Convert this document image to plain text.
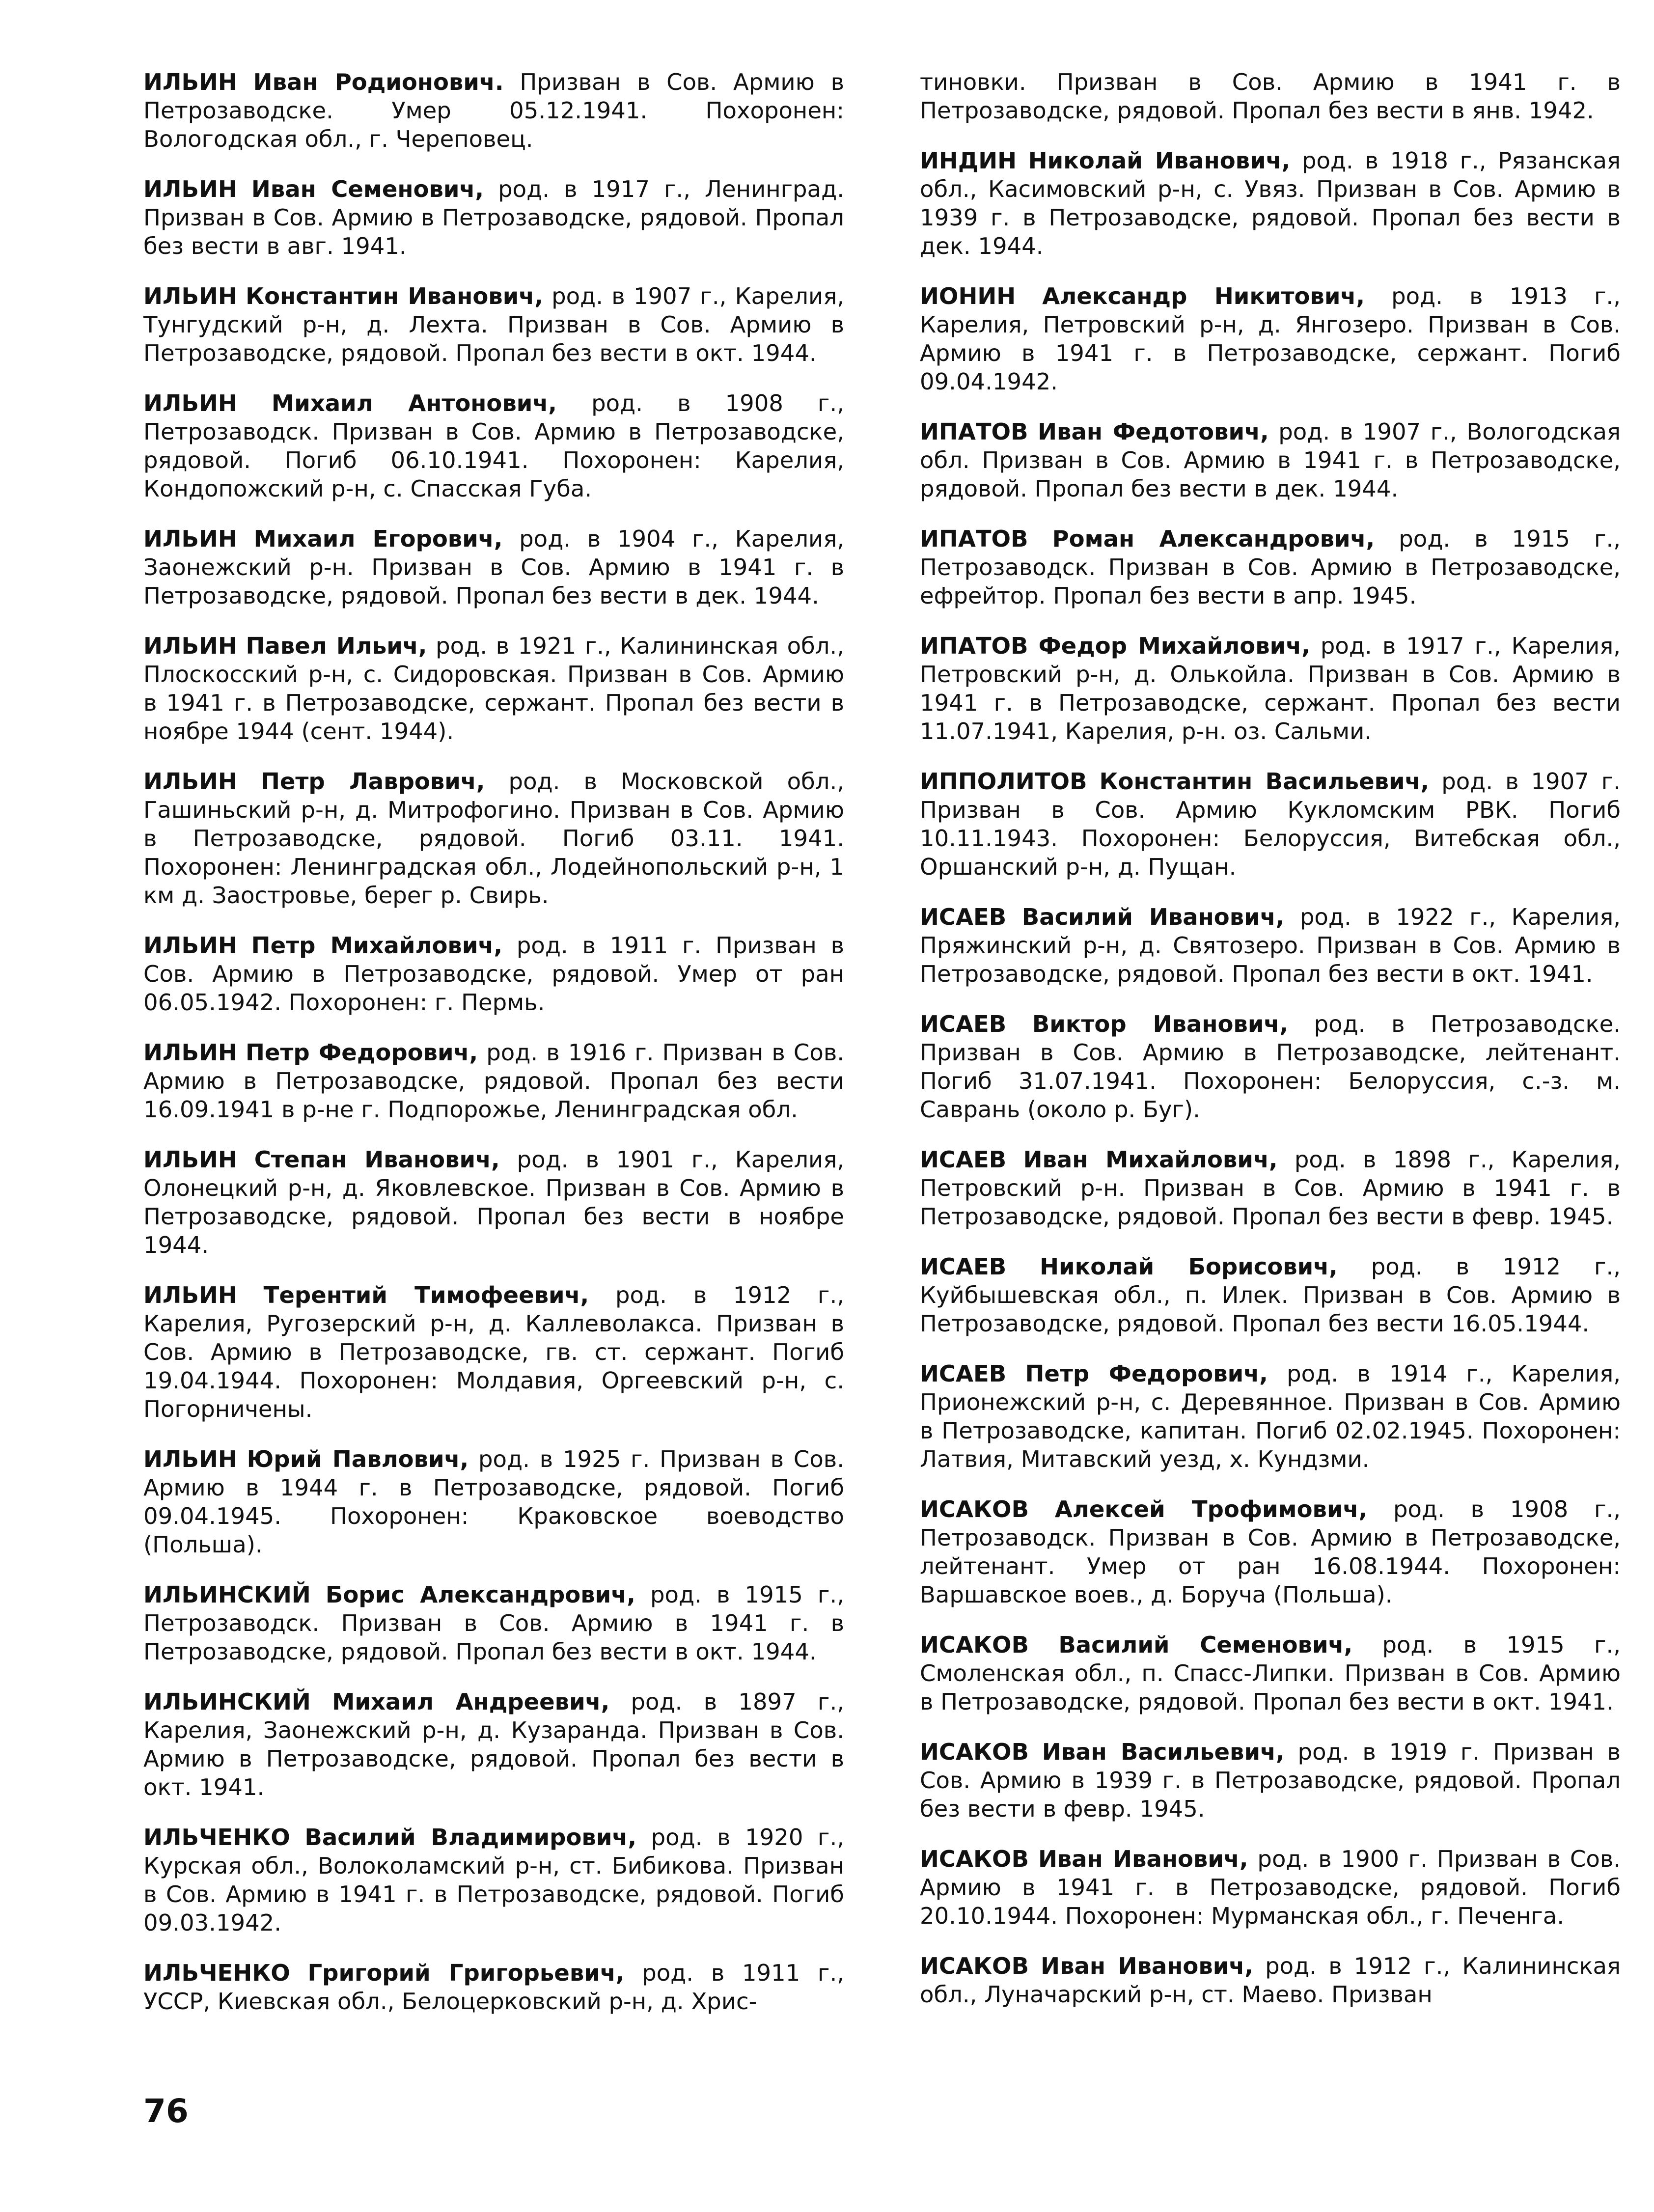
ИЛЬИН Иван Родионович. Призван в Сов. Армию в Петрозаводске. Умер 05.12.1941. Похоронен: Вологодская обл., г. Череповец.

ИЛЬИН Иван Семенович, род. в 1917 г., Ленинград. Призван в Сов. Армию в Петрозаводске, рядовой. Пропал без вести в авг. 1941.

ИЛЬИН Константин Иванович, род. в 1907 г., Карелия, Тунгудский р-н, д. Лехта. Призван в Сов. Армию в Петрозаводске, рядовой. Пропал без вести в окт. 1944.

ИЛЬИН Михаил Антонович, род. в 1908 г., Петрозаводск. Призван в Сов. Армию в Петрозаводске, рядовой. Погиб 06.10.1941. Похоронен: Карелия, Кондопожский р-н, с. Спасская Губа.

ИЛЬИН Михаил Егорович, род. в 1904 г., Карелия, Заонежский р-н. Призван в Сов. Армию в 1941 г. в Петрозаводске, рядовой. Пропал без вести в дек. 1944.

ИЛЬИН Павел Ильич, род. в 1921 г., Калининская обл., Плоскосский р-н, с. Сидоровская. Призван в Сов. Армию в 1941 г. в Петрозаводске, сержант. Пропал без вести в ноябре 1944 (сент. 1944).

ИЛЬИН Петр Лаврович, род. в Московской обл., Гашиньский р-н, д. Митрофогино. Призван в Сов. Армию в Петрозаводске, рядовой. Погиб 03.11. 1941. Похоронен: Ленинградская обл., Лодейнопольский р-н, 1 км д. Заостровье, берег р. Свирь.

ИЛЬИН Петр Михайлович, род. в 1911 г. Призван в Сов. Армию в Петрозаводске, рядовой. Умер от ран 06.05.1942. Похоронен: г. Пермь.

ИЛЬИН Петр Федорович, род. в 1916 г. Призван в Сов. Армию в Петрозаводске, рядовой. Пропал без вести 16.09.1941 в р-не г. Подпорожье, Ленинградская обл.

ИЛЬИН Степан Иванович, род. в 1901 г., Карелия, Олонецкий р-н, д. Яковлевское. Призван в Сов. Армию в Петрозаводске, рядовой. Пропал без вести в ноябре 1944.

ИЛЬИН Терентий Тимофеевич, род. в 1912 г., Карелия, Ругозерский р-н, д. Каллеволакса. Призван в Сов. Армию в Петрозаводске, гв. ст. сержант. Погиб 19.04.1944. Похоронен: Молдавия, Оргеевский р-н, с. Погорничены.

ИЛЬИН Юрий Павлович, род. в 1925 г. Призван в Сов. Армию в 1944 г. в Петрозаводске, рядовой. Погиб 09.04.1945. Похоронен: Краковское воеводство (Польша).

ИЛЬИНСКИЙ Борис Александрович, род. в 1915 г., Петрозаводск. Призван в Сов. Армию в 1941 г. в Петрозаводске, рядовой. Пропал без вести в окт. 1944.

ИЛЬИНСКИЙ Михаил Андреевич, род. в 1897 г., Карелия, Заонежский р-н, д. Кузаранда. Призван в Сов. Армию в Петрозаводске, рядовой. Пропал без вести в окт. 1941.

ИЛЬЧЕНКО Василий Владимирович, род. в 1920 г., Курская обл., Волоколамский р-н, ст. Бибикова. Призван в Сов. Армию в 1941 г. в Петрозаводске, рядовой. Погиб 09.03.1942.

ИЛЬЧЕНКО Григорий Григорьевич, род. в 1911 г., УССР, Киевская обл., Белоцерковский р-н, д. Хрис-

тиновки. Призван в Сов. Армию в 1941 г. в Петрозаводске, рядовой. Пропал без вести в янв. 1942.

ИНДИН Николай Иванович, род. в 1918 г., Рязанская обл., Касимовский р-н, с. Увяз. Призван в Сов. Армию в 1939 г. в Петрозаводске, рядовой. Пропал без вести в дек. 1944.

ИОНИН Александр Никитович, род. в 1913 г., Карелия, Петровский р-н, д. Янгозеро. Призван в Сов. Армию в 1941 г. в Петрозаводске, сержант. Погиб 09.04.1942.

ИПАТОВ Иван Федотович, род. в 1907 г., Вологодская обл. Призван в Сов. Армию в 1941 г. в Петрозаводске, рядовой. Пропал без вести в дек. 1944.

ИПАТОВ Роман Александрович, род. в 1915 г., Петрозаводск. Призван в Сов. Армию в Петрозаводске, ефрейтор. Пропал без вести в апр. 1945.

ИПАТОВ Федор Михайлович, род. в 1917 г., Карелия, Петровский р-н, д. Олькойла. Призван в Сов. Армию в 1941 г. в Петрозаводске, сержант. Пропал без вести 11.07.1941, Карелия, р-н. оз. Сальми.

ИППОЛИТОВ Константин Васильевич, род. в 1907 г. Призван в Сов. Армию Кукломским РВК. Погиб 10.11.1943. Похоронен: Белоруссия, Витебская обл., Оршанский р-н, д. Пущан.

ИСАЕВ Василий Иванович, род. в 1922 г., Карелия, Пряжинский р-н, д. Святозеро. Призван в Сов. Армию в Петрозаводске, рядовой. Пропал без вести в окт. 1941.

ИСАЕВ Виктор Иванович, род. в Петрозаводске. Призван в Сов. Армию в Петрозаводске, лейтенант. Погиб 31.07.1941. Похоронен: Белоруссия, с.-з. м. Саврань (около р. Буг).

ИСАЕВ Иван Михайлович, род. в 1898 г., Карелия, Петровский р-н. Призван в Сов. Армию в 1941 г. в Петрозаводске, рядовой. Пропал без вести в февр. 1945.

ИСАЕВ Николай Борисович, род. в 1912 г., Куйбышевская обл., п. Илек. Призван в Сов. Армию в Петрозаводске, рядовой. Пропал без вести 16.05.1944.

ИСАЕВ Петр Федорович, род. в 1914 г., Карелия, Прионежский р-н, с. Деревянное. Призван в Сов. Армию в Петрозаводске, капитан. Погиб 02.02.1945. Похоронен: Латвия, Митавский уезд, х. Кундзми.

ИСАКОВ Алексей Трофимович, род. в 1908 г., Петрозаводск. Призван в Сов. Армию в Петрозаводске, лейтенант. Умер от ран 16.08.1944. Похоронен: Варшавское воев., д. Боруча (Польша).

ИСАКОВ Василий Семенович, род. в 1915 г., Смоленская обл., п. Спасс-Липки. Призван в Сов. Армию в Петрозаводске, рядовой. Пропал без вести в окт. 1941.

ИСАКОВ Иван Васильевич, род. в 1919 г. Призван в Сов. Армию в 1939 г. в Петрозаводске, рядовой. Пропал без вести в февр. 1945.

ИСАКОВ Иван Иванович, род. в 1900 г. Призван в Сов. Армию в 1941 г. в Петрозаводске, рядовой. Погиб 20.10.1944. Похоронен: Мурманская обл., г. Печенга.

ИСАКОВ Иван Иванович, род. в 1912 г., Калининская обл., Луначарский р-н, ст. Маево. Призван

76
